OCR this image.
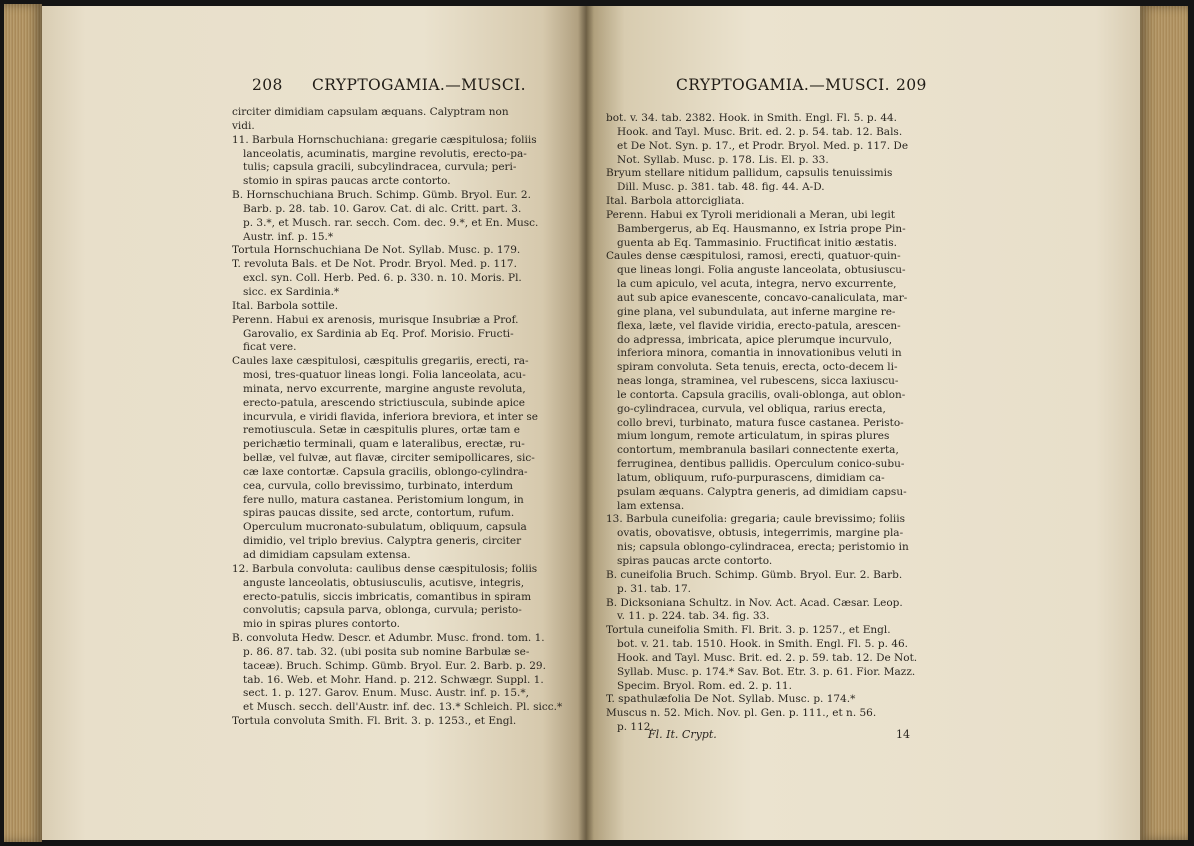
208 CRYPTOGAMIA.—MUSCI.
circiter dimidiam capsulam æquans. Calyptram non
vidi.
11. Barbula Hornschuchiana: gregarie cæspitulosa; foliis
lanceolatis, acuminatis, margine revolutis, erecto-pa-
tulis; capsula gracili, subcylindracea, curvula; peri-
stomio in spiras paucas arcte contorto.
B. Hornschuchiana Bruch. Schimp. Gümb. Bryol. Eur. 2.
Barb. p. 28. tab. 10. Garov. Cat. di alc. Critt. part. 3.
p. 3.*, et Musch. rar. secch. Com. dec. 9.*, et En. Musc.
Austr. inf. p. 15.*
Tortula Hornschuchiana De Not. Syllab. Musc. p. 179.
T. revoluta Bals. et De Not. Prodr. Bryol. Med. p. 117.
excl. syn. Coll. Herb. Ped. 6. p. 330. n. 10. Moris. Pl.
sicc. ex Sardinia.*
Ital. Barbola sottile.
Perenn. Habui ex arenosis, murisque Insubriæ a Prof.
Garovalio, ex Sardinia ab Eq. Prof. Morisio. Fructi-
ficat vere.
Caules laxe cæspitulosi, cæspitulis gregariis, erecti, ra-
mosi, tres-quatuor lineas longi. Folia lanceolata, acu-
minata, nervo excurrente, margine anguste revoluta,
erecto-patula, arescendo strictiuscula, subinde apice
incurvula, e viridi flavida, inferiora breviora, et inter se
remotiuscula. Setæ in cæspitulis plures, ortæ tam e
perichætio terminali, quam e lateralibus, erectæ, ru-
bellæ, vel fulvæ, aut flavæ, circiter semipollicares, sic-
cæ laxe contortæ. Capsula gracilis, oblongo-cylindra-
cea, curvula, collo brevissimo, turbinato, interdum
fere nullo, matura castanea. Peristomium longum, in
spiras paucas dissite, sed arcte, contortum, rufum.
Operculum mucronato-subulatum, obliquum, capsula
dimidio, vel triplo brevius. Calyptra generis, circiter
ad dimidiam capsulam extensa.
12. Barbula convoluta: caulibus dense cæspitulosis; foliis
anguste lanceolatis, obtusiusculis, acutisve, integris,
erecto-patulis, siccis imbricatis, comantibus in spiram
convolutis; capsula parva, oblonga, curvula; peristo-
mio in spiras plures contorto.
B. convoluta Hedw. Descr. et Adumbr. Musc. frond. tom. 1.
p. 86. 87. tab. 32. (ubi posita sub nomine Barbulæ se-
taceæ). Bruch. Schimp. Gümb. Bryol. Eur. 2. Barb. p. 29.
tab. 16. Web. et Mohr. Hand. p. 212. Schwægr. Suppl. 1.
sect. 1. p. 127. Garov. Enum. Musc. Austr. inf. p. 15.*,
et Musch. secch. dell'Austr. inf. dec. 13.* Schleich. Pl. sicc.*
Tortula convoluta Smith. Fl. Brit. 3. p. 1253., et Engl.
CRYPTOGAMIA.—MUSCI. 209
bot. v. 34. tab. 2382. Hook. in Smith. Engl. Fl. 5. p. 44.
Hook. and Tayl. Musc. Brit. ed. 2. p. 54. tab. 12. Bals.
et De Not. Syn. p. 17., et Prodr. Bryol. Med. p. 117. De
Not. Syllab. Musc. p. 178. Lis. El. p. 33.
Bryum stellare nitidum pallidum, capsulis tenuissimis
Dill. Musc. p. 381. tab. 48. fig. 44. A-D.
Ital. Barbola attorcigliata.
Perenn. Habui ex Tyroli meridionali a Meran, ubi legit
Bambergerus, ab Eq. Hausmanno, ex Istria prope Pin-
guenta ab Eq. Tammasinio. Fructificat initio æstatis.
Caules dense cæspitulosi, ramosi, erecti, quatuor-quin-
que lineas longi. Folia anguste lanceolata, obtusiuscu-
la cum apiculo, vel acuta, integra, nervo excurrente,
aut sub apice evanescente, concavo-canaliculata, mar-
gine plana, vel subundulata, aut inferne margine re-
flexa, læte, vel flavide viridia, erecto-patula, arescen-
do adpressa, imbricata, apice plerumque incurvulo,
inferiora minora, comantia in innovationibus veluti in
spiram convoluta. Seta tenuis, erecta, octo-decem li-
neas longa, straminea, vel rubescens, sicca laxiuscu-
le contorta. Capsula gracilis, ovali-oblonga, aut oblon-
go-cylindracea, curvula, vel obliqua, rarius erecta,
collo brevi, turbinato, matura fusce castanea. Peristo-
mium longum, remote articulatum, in spiras plures
contortum, membranula basilari connectente exerta,
ferruginea, dentibus pallidis. Operculum conico-subu-
latum, obliquum, rufo-purpurascens, dimidiam ca-
psulam æquans. Calyptra generis, ad dimidiam capsu-
lam extensa.
13. Barbula cuneifolia: gregaria; caule brevissimo; foliis
ovatis, obovatisve, obtusis, integerrimis, margine pla-
nis; capsula oblongo-cylindracea, erecta; peristomio in
spiras paucas arcte contorto.
B. cuneifolia Bruch. Schimp. Gümb. Bryol. Eur. 2. Barb.
p. 31. tab. 17.
B. Dicksoniana Schultz. in Nov. Act. Acad. Cæsar. Leop.
v. 11. p. 224. tab. 34. fig. 33.
Tortula cuneifolia Smith. Fl. Brit. 3. p. 1257., et Engl.
bot. v. 21. tab. 1510. Hook. in Smith. Engl. Fl. 5. p. 46.
Hook. and Tayl. Musc. Brit. ed. 2. p. 59. tab. 12. De Not.
Syllab. Musc. p. 174.* Sav. Bot. Etr. 3. p. 61. Fior. Mazz.
Specim. Bryol. Rom. ed. 2. p. 11.
T. spathulæfolia De Not. Syllab. Musc. p. 174.*
Muscus n. 52. Mich. Nov. pl. Gen. p. 111., et n. 56.
p. 112.
Fl. It. Crypt.	14
